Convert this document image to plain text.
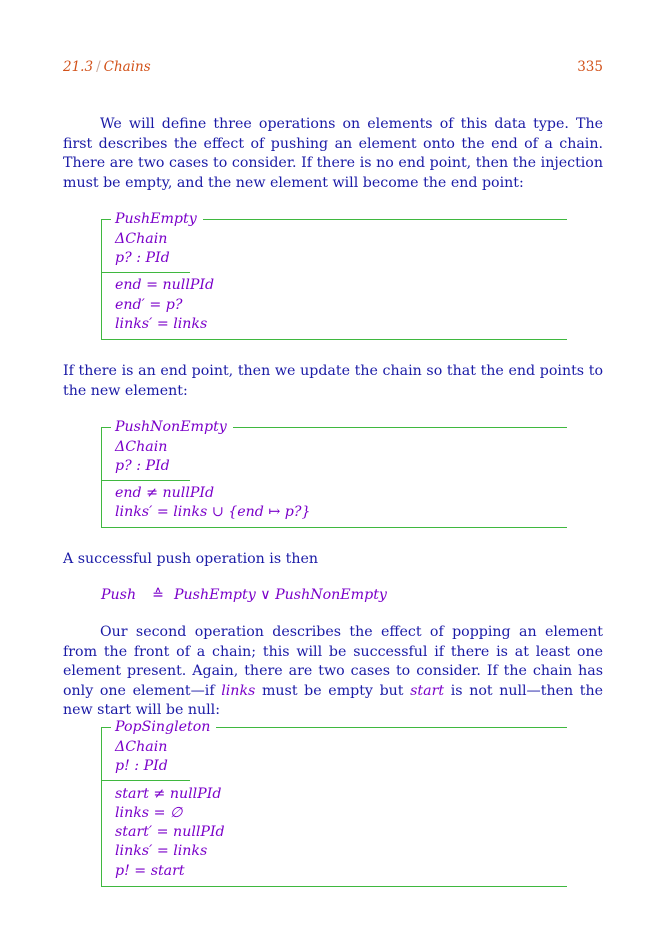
21.3 / Chains	335
We will define three operations on elements of this data type. The first describes the effect of pushing an element onto the end of a chain. There are two cases to consider. If there is no end point, then the injection must be empty, and the new element will become the end point:
PushEmpty
ΔChain
p? : PId
end = nullPId
end′ = p?
links′ = links
If there is an end point, then we update the chain so that the end points to the new element:
PushNonEmpty
ΔChain
p? : PId
end ≠ nullPId
links′ = links ∪ {end ↦ p?}
A successful push operation is then
Push ≙ PushEmpty ∨ PushNonEmpty
Our second operation describes the effect of popping an element from the front of a chain; this will be successful if there is at least one element present. Again, there are two cases to consider. If the chain has only one element—if links must be empty but start is not null—then the new start will be null:
PopSingleton
ΔChain
p! : PId
start ≠ nullPId
links = ∅
start′ = nullPId
links′ = links
p! = start
